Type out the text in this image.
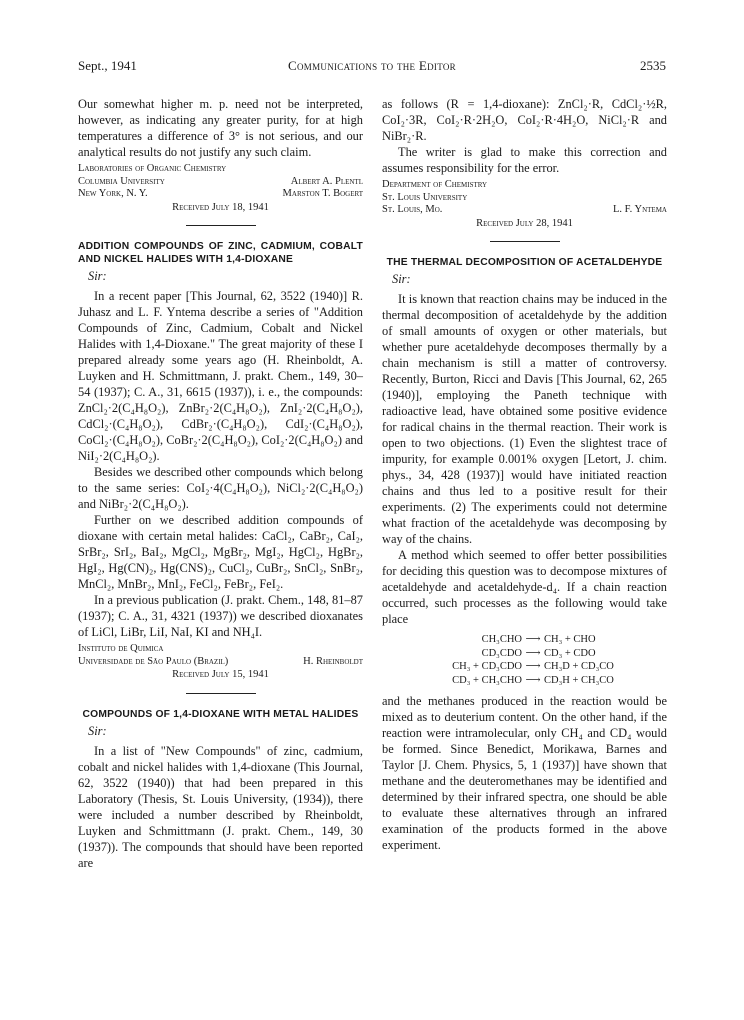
Sept., 1941	Communications to the Editor	2535

Our somewhat higher m. p. need not be interpreted, however, as indicating any greater purity, for at high temperatures a difference of 3° is not serious, and our analytical results do not justify any such claim.

Laboratories of Organic Chemistry
Columbia University	Albert A. Plentl
New York, N. Y.	Marston T. Bogert
Received July 18, 1941
ADDITION COMPOUNDS OF ZINC, CADMIUM, COBALT AND NICKEL HALIDES WITH 1,4-DIOXANE
Sir:

In a recent paper [This Journal, 62, 3522 (1940)] R. Juhasz and L. F. Yntema describe a series of "Addition Compounds of Zinc, Cadmium, Cobalt and Nickel Halides with 1,4-Dioxane." The great majority of these I prepared already some years ago (H. Rheinboldt, A. Luyken and H. Schmittmann, J. prakt. Chem., 149, 30–54 (1937); C. A., 31, 6615 (1937)), i. e., the compounds: ZnCl₂·2(C₄H₈O₂), ZnBr₂·2(C₄H₈O₂), ZnI₂·2(C₄H₈O₂), CdCl₂·(C₄H₈O₂), CdBr₂·(C₄H₈O₂), CdI₂·(C₄H₈O₂), CoCl₂·(C₄H₈O₂), CoBr₂·2(C₄H₈O₂), CoI₂·2(C₄H₈O₂) and NiI₂·2(C₄H₈O₂).

Besides we described other compounds which belong to the same series: CoI₂·4(C₄H₈O₂), NiCl₂·2(C₄H₈O₂) and NiBr₂·2(C₄H₈O₂).

Further on we described addition compounds of dioxane with certain metal halides: CaCl₂, CaBr₂, CaI₂, SrBr₂, SrI₂, BaI₂, MgCl₂, MgBr₂, MgI₂, HgCl₂, HgBr₂, HgI₂, Hg(CN)₂, Hg(CNS)₂, CuCl₂, CuBr₂, SnCl₂, SnBr₂, MnCl₂, MnBr₂, MnI₂, FeCl₂, FeBr₂, FeI₂.

In a previous publication (J. prakt. Chem., 148, 81–87 (1937); C. A., 31, 4321 (1937)) we described dioxanates of LiCl, LiBr, LiI, NaI, KI and NH₄I.

Instituto de Quimica
Universidade de São Paulo (Brazil)	H. Rheinboldt
Received July 15, 1941
COMPOUNDS OF 1,4-DIOXANE WITH METAL HALIDES
Sir:

In a list of "New Compounds" of zinc, cadmium, cobalt and nickel halides with 1,4-dioxane (This Journal, 62, 3522 (1940)) that had been prepared in this Laboratory (Thesis, St. Louis University, (1934)), there were included a number described by Rheinboldt, Luyken and Schmittmann (J. prakt. Chem., 149, 30 (1937)). The compounds that should have been reported are

as follows (R = 1,4-dioxane): ZnCl₂·R, CdCl₂·½R, CoI₂·3R, CoI₂·R·2H₂O, CoI₂·R·4H₂O, NiCl₂·R and NiBr₂·R.

The writer is glad to make this correction and assumes responsibility for the error.

Department of Chemistry
St. Louis University
St. Louis, Mo.	L. F. Yntema
Received July 28, 1941
THE THERMAL DECOMPOSITION OF ACETALDEHYDE
Sir:

It is known that reaction chains may be induced in the thermal decomposition of acetaldehyde by the addition of small amounts of oxygen or other materials, but whether pure acetaldehyde decomposes thermally by a chain mechanism is still a matter of controversy. Recently, Burton, Ricci and Davis [This Journal, 62, 265 (1940)], employing the Paneth technique with radioactive lead, have obtained some positive evidence for radical chains in the thermal reaction. Their work is open to two objections. (1) Even the slightest trace of impurity, for example 0.001% oxygen [Letort, J. chim. phys., 34, 428 (1937)] would have initiated reaction chains and thus led to a positive result for their experiments. (2) The experiments could not determine what fraction of the acetaldehyde was decomposing by way of the chains.

A method which seemed to offer better possibilities for deciding this question was to decompose mixtures of acetaldehyde and acetaldehyde-d₄. If a chain reaction occurred, such processes as the following would take place

CH₃CHO ⟶ CH₃ + CHO
CD₃CDO ⟶ CD₃ + CDO
CH₃ + CD₃CDO ⟶ CH₃D + CD₃CO
CD₃ + CH₃CHO ⟶ CD₃H + CH₃CO

and the methanes produced in the reaction would be mixed as to deuterium content. On the other hand, if the reaction were intramolecular, only CH₄ and CD₄ would be formed. Since Benedict, Morikawa, Barnes and Taylor [J. Chem. Physics, 5, 1 (1937)] have shown that methane and the deuteromethanes may be identified and determined by their infrared spectra, one should be able to evaluate these alternatives through an infrared examination of the products formed in the above experiment.
